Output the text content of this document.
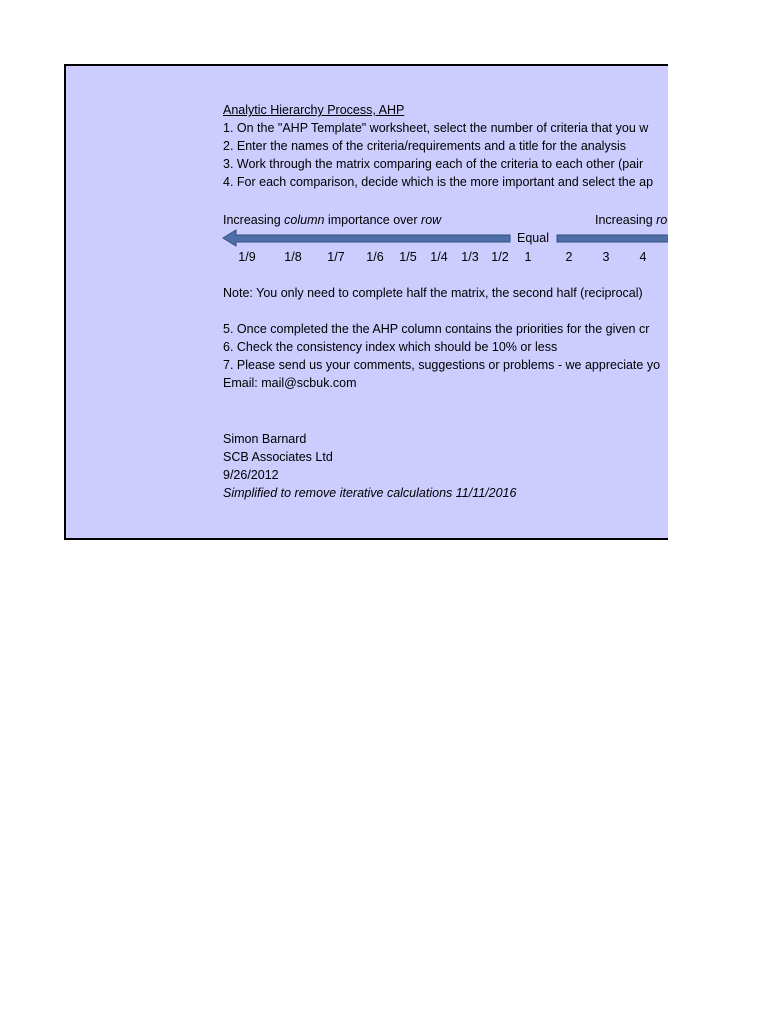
Analytic Hierarchy Process, AHP
1. On the "AHP Template" worksheet, select the number of criteria that you w
2. Enter the names of the criteria/requirements and a title for the analysis
3. Work through the matrix comparing each of the criteria to each other (pair
4. For each comparison, decide which is the more important and select the ap
Increasing column importance over row	Increasing ro
Equal
1/9 1/8 1/7 1/6 1/5 1/4 1/3 1/2 1	2 3 4
Note: You only need to complete half the matrix, the second half (reciprocal)
5. Once completed the the AHP column contains the priorities for the given cr
6. Check the consistency index which should be 10% or less
7. Please send us your comments, suggestions or problems - we appreciate yo
Email: mail@scbuk.com
Simon Barnard
SCB Associates Ltd
9/26/2012
Simplified to remove iterative calculations 11/11/2016
